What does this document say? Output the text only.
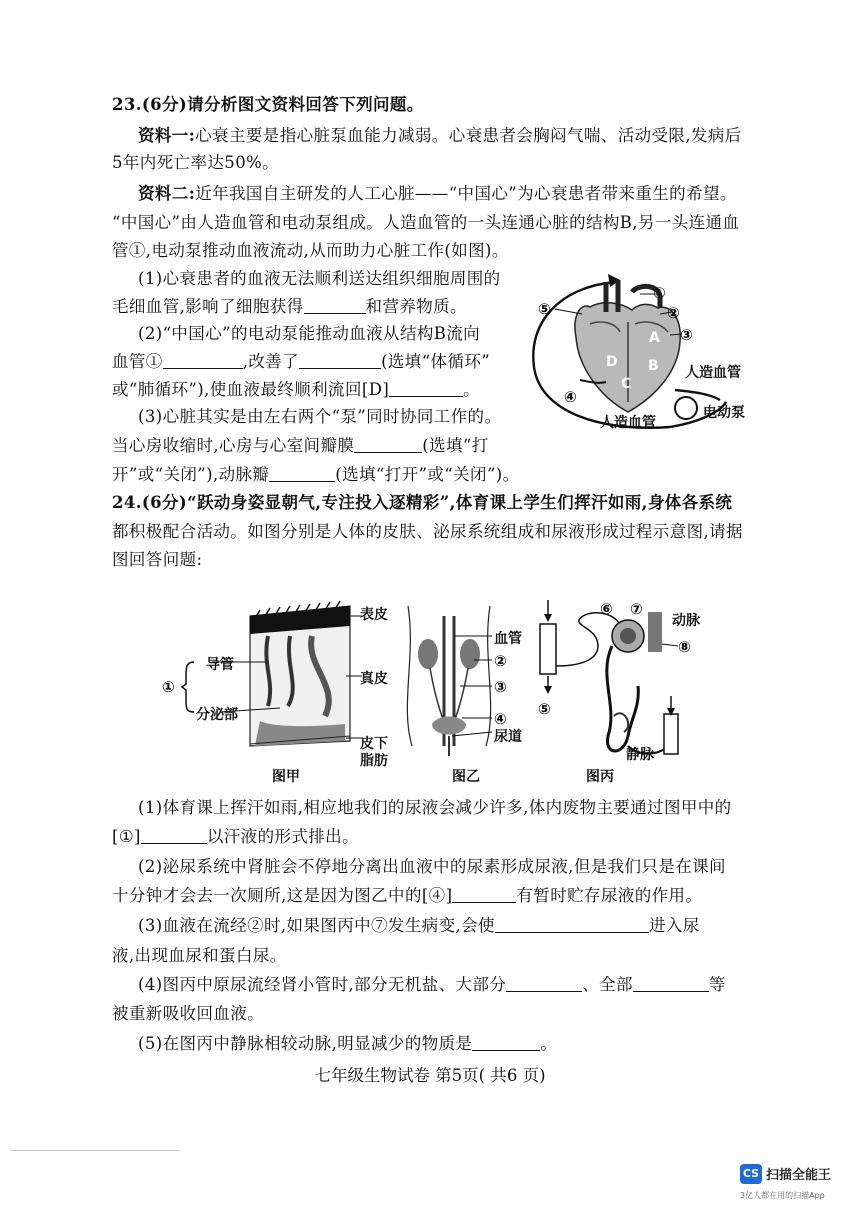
23.(6分)请分析图文资料回答下列问题。
资料一:心衰主要是指心脏泵血能力减弱。心衰患者会胸闷气喘、活动受限,发病后
5年内死亡率达50%。
资料二:近年我国自主研发的人工心脏——“中国心”为心衰患者带来重生的希望。
“中国心”由人造血管和电动泵组成。人造血管的一头连通心脏的结构B,另一头连通血
管①,电动泵推动血液流动,从而助力心脏工作(如图)。
(1)心衰患者的血液无法顺利送达组织细胞周围的
毛细血管,影响了细胞获得	和营养物质。
(2)“中国心”的电动泵能推动血液从结构B流向
血管①	,改善了	(选填“体循环”
或“肺循环”),使血液最终顺利流回[D]	。
(3)心脏其实是由左右两个“泵”同时协同工作的。
当心房收缩时,心房与心室间瓣膜	(选填“打
开”或“关闭”),动脉瓣	(选填“打开”或“关闭”)。
①
②
③
④
⑤
A
B
C
D
人造血管
人造血管
电动泵
24.(6分)“跃动身姿显朝气,专注投入逐精彩”,体育课上学生们挥汗如雨,身体各系统
都积极配合活动。如图分别是人体的皮肤、泌尿系统组成和尿液形成过程示意图,请据
图回答问题:
表皮
真皮
皮下
脂肪
导管
分泌部
①
图甲
血管
②
③
④
尿道
图乙
⑤
⑥ ⑦
⑧
动脉
静脉
图丙
(1)体育课上挥汗如雨,相应地我们的尿液会减少许多,体内废物主要通过图甲中的
[①]	以汗液的形式排出。
(2)泌尿系统中肾脏会不停地分离出血液中的尿素形成尿液,但是我们只是在课间
十分钟才会去一次厕所,这是因为图乙中的[④]	有暂时贮存尿液的作用。
(3)血液在流经②时,如果图丙中⑦发生病变,会使	进入尿
液,出现血尿和蛋白尿。
(4)图丙中原尿流经肾小管时,部分无机盐、大部分	、全部	等
被重新吸收回血液。
(5)在图丙中静脉相较动脉,明显减少的物质是	。
七年级生物试卷 第5页( 共6 页)
CS 扫描全能王
3亿人都在用的扫描App
